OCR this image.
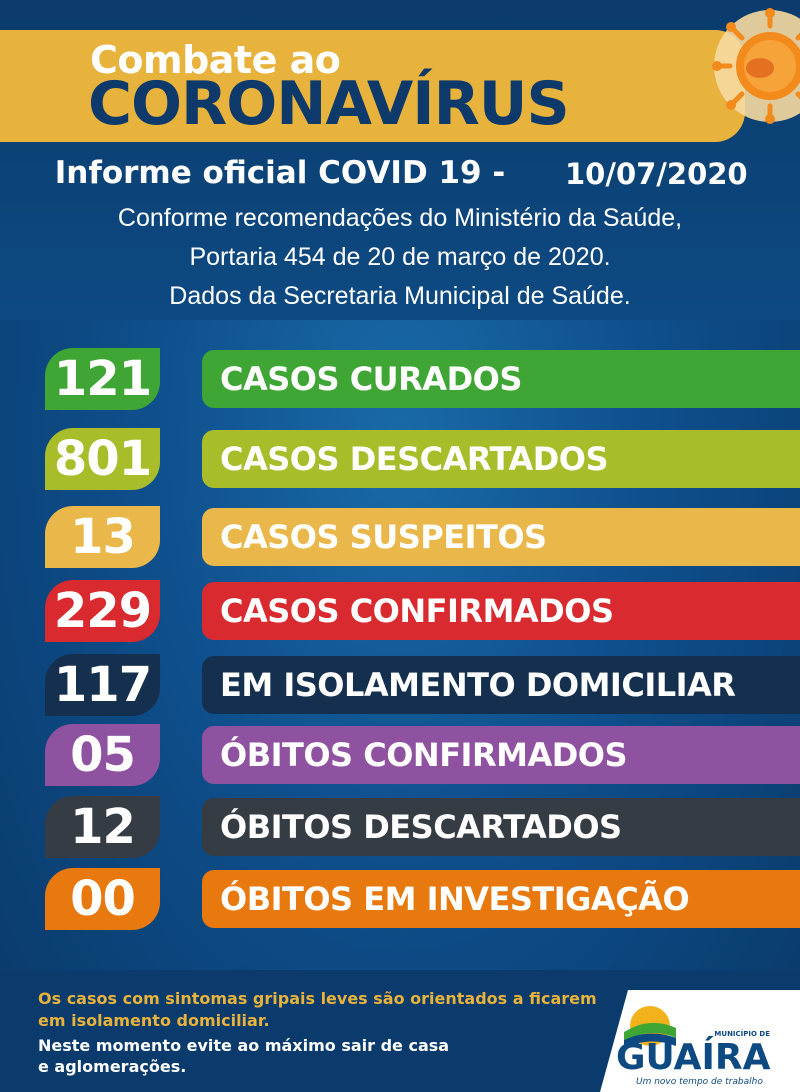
Combate ao
CORONAVÍRUS
Informe oficial COVID 19 -	10/07/2020
Conforme recomendações do Ministério da Saúde,
Portaria 454 de 20 de março de 2020.
Dados da Secretaria Municipal de Saúde.
121	CASOS CURADOS
801	CASOS DESCARTADOS
13	CASOS SUSPEITOS
229	CASOS CONFIRMADOS
117	EM ISOLAMENTO DOMICILIAR
05	ÓBITOS CONFIRMADOS
12	ÓBITOS DESCARTADOS
00	ÓBITOS EM INVESTIGAÇÃO
Os casos com sintomas gripais leves são orientados a ficarem em isolamento domiciliar.
Neste momento evite ao máximo sair de casa e aglomerações.
MUNICÍPIO DE
GUAÍRA
Um novo tempo de trabalho
